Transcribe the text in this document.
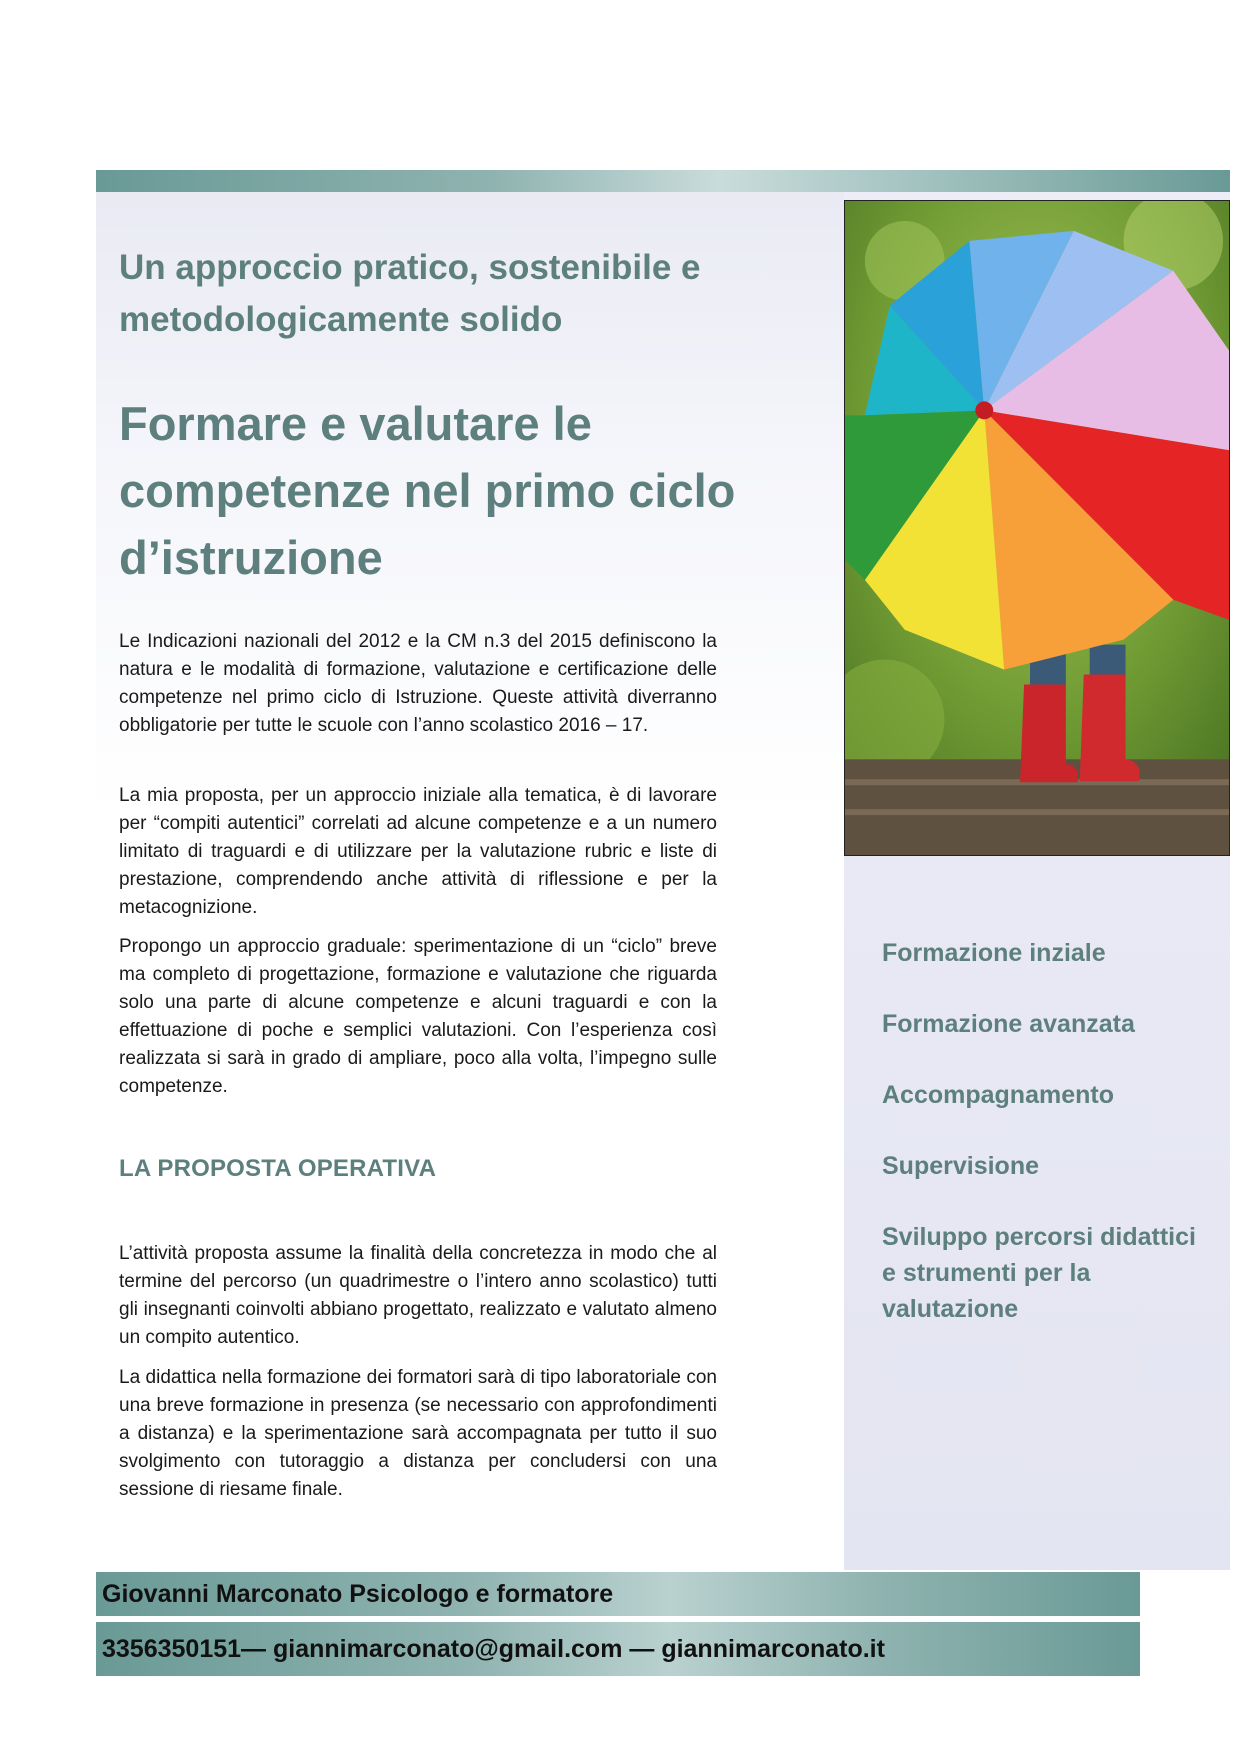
Un approccio pratico, sostenibile e metodologicamente solido
Formare e valutare le competenze nel primo ciclo d’istruzione

Le Indicazioni nazionali del 2012 e la CM n.3 del 2015 definiscono la natura e le modalità di formazione, valutazione e certificazione delle competenze nel primo ciclo di Istruzione. Queste attività diverranno obbligatorie per tutte le scuole con l’anno scolastico 2016 – 17.

La mia proposta, per un approccio iniziale alla tematica, è di lavorare per “compiti autentici” correlati ad alcune competenze e a un numero limitato di traguardi e di utilizzare per la valutazione rubric e liste di prestazione, comprendendo anche attività di riflessione e per la metacognizione.

Propongo un approccio graduale: sperimentazione di un “ciclo” breve ma completo di progettazione, formazione e valutazione che riguarda solo una parte di alcune competenze e alcuni traguardi e con la effettuazione di poche e semplici valutazioni. Con l’esperienza così realizzata si sarà in grado di ampliare, poco alla volta, l’impegno sulle competenze.

LA PROPOSTA OPERATIVA

L’attività proposta assume la finalità della concretezza in modo che al termine del percorso (un quadrimestre o l’intero anno scolastico) tutti gli insegnanti coinvolti abbiano progettato, realizzato e valutato almeno un compito autentico.

La didattica nella formazione dei formatori sarà di tipo laboratoriale con una breve formazione in presenza (se necessario con approfondimenti a distanza) e la sperimentazione sarà accompagnata per tutto il suo svolgimento con tutoraggio a distanza per concludersi con una sessione di riesame finale.

Formazione inziale
Formazione avanzata
Accompagnamento
Supervisione
Sviluppo percorsi didattici e strumenti per la valutazione
Giovanni Marconato Psicologo e formatore
3356350151— giannimarconato@gmail.com — giannimarconato.it
